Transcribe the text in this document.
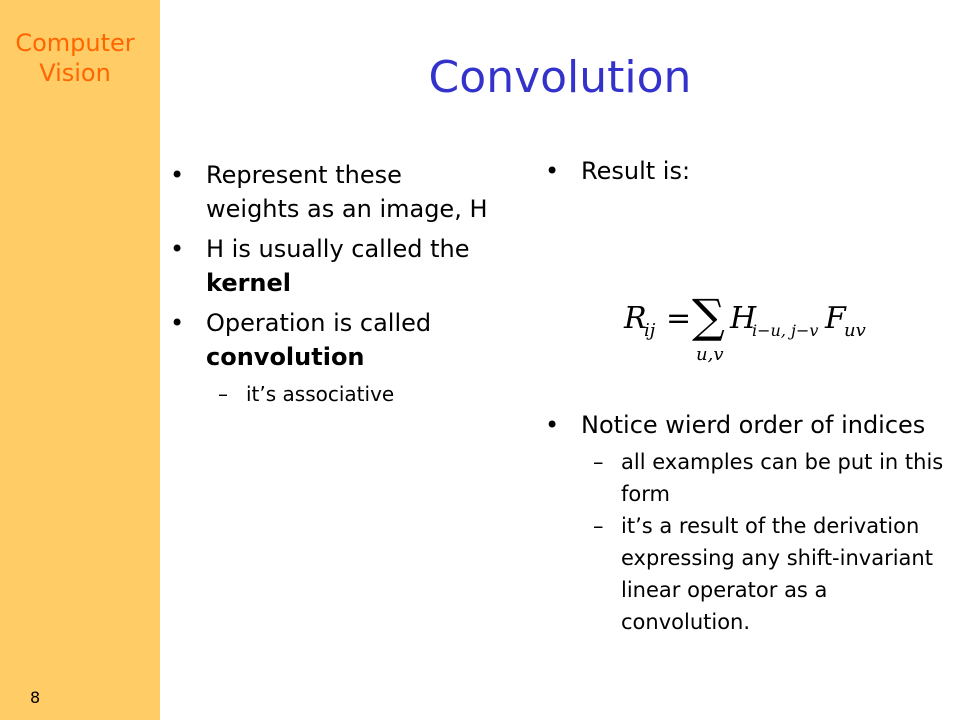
Computer
Vision
8
Convolution
• Represent these weights as an image, H
• H is usually called the kernel
• Operation is called convolution
– it’s associative
• Result is:
R
ij = ∑
u,v
H
i−u, j−v F
uv
• Notice wierd order of indices
– all examples can be put in this form
– it’s a result of the derivation expressing any shift-invariant linear operator as a convolution.
